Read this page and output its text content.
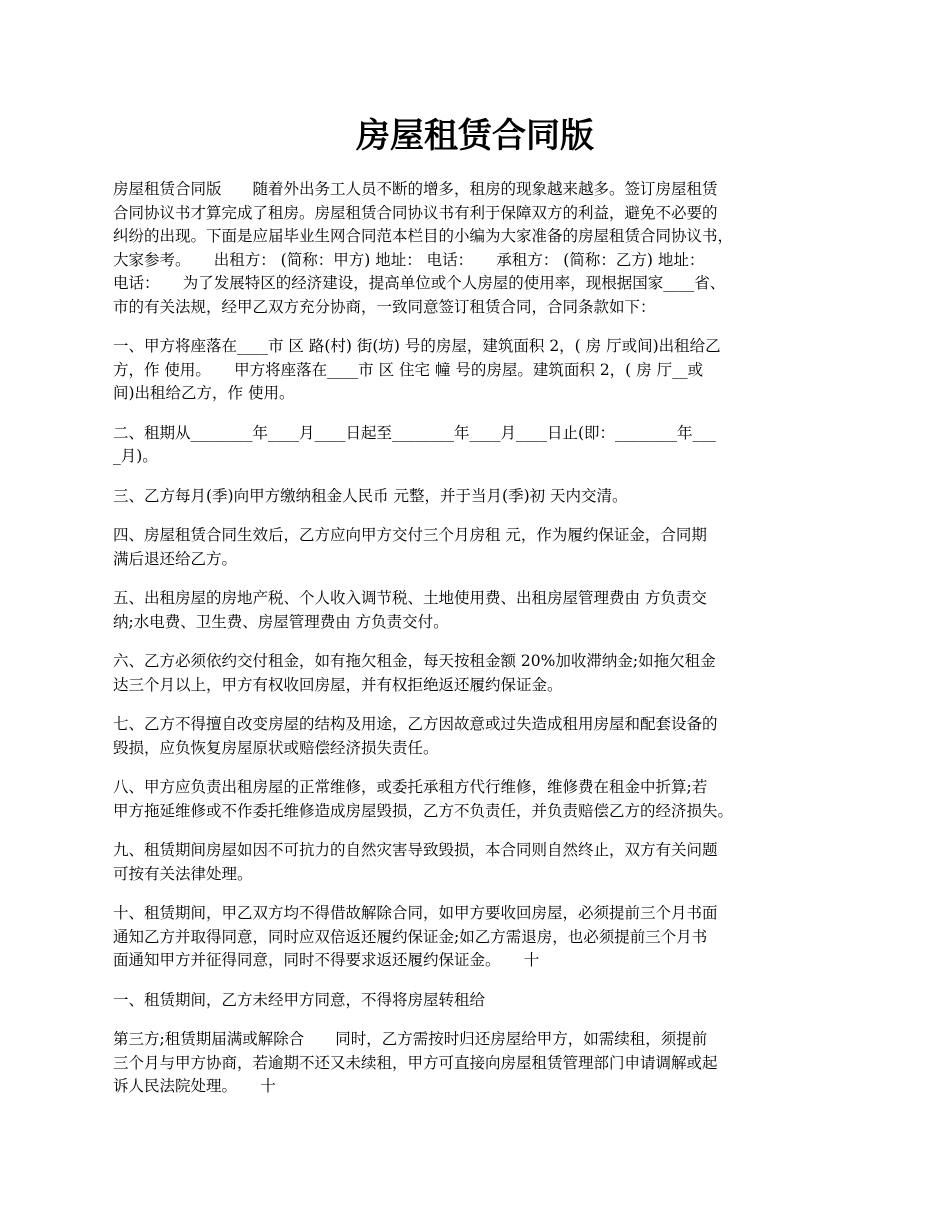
房屋租赁合同版

房屋租赁合同版　　随着外出务工人员不断的增多，租房的现象越来越多。签订房屋租赁
合同协议书才算完成了租房。房屋租赁合同协议书有利于保障双方的利益，避免不必要的
纠纷的出现。下面是应届毕业生网合同范本栏目的小编为大家准备的房屋租赁合同协议书，
大家参考。　　出租方： (简称：甲方) 地址： 电话：　　承租方： (简称：乙方) 地址：
电话：　　为了发展特区的经济建设，提高单位或个人房屋的使用率，现根据国家____省、
市的有关法规，经甲乙双方充分协商，一致同意签订租赁合同，合同条款如下：

一、甲方将座落在____市 区 路(村) 街(坊) 号的房屋，建筑面积 2，( 房 厅或间)出租给乙
方，作 使用。　　甲方将座落在____市 区 住宅 幢 号的房屋。建筑面积 2，( 房 厅__或
间)出租给乙方，作 使用。

二、租期从________年____月____日起至________年____月____日止(即：________年___
_月)。

三、乙方每月(季)向甲方缴纳租金人民币 元整，并于当月(季)初 天内交清。

四、房屋租赁合同生效后，乙方应向甲方交付三个月房租 元，作为履约保证金，合同期
满后退还给乙方。

五、出租房屋的房地产税、个人收入调节税、土地使用费、出租房屋管理费由 方负责交
纳;水电费、卫生费、房屋管理费由 方负责交付。

六、乙方必须依约交付租金，如有拖欠租金，每天按租金额 20%加收滞纳金;如拖欠租金
达三个月以上，甲方有权收回房屋，并有权拒绝返还履约保证金。

七、乙方不得擅自改变房屋的结构及用途，乙方因故意或过失造成租用房屋和配套设备的
毁损，应负恢复房屋原状或赔偿经济损失责任。

八、甲方应负责出租房屋的正常维修，或委托承租方代行维修，维修费在租金中折算;若
甲方拖延维修或不作委托维修造成房屋毁损，乙方不负责任，并负责赔偿乙方的经济损失。

九、租赁期间房屋如因不可抗力的自然灾害导致毁损，本合同则自然终止，双方有关问题
可按有关法律处理。

十、租赁期间，甲乙双方均不得借故解除合同，如甲方要收回房屋，必须提前三个月书面
通知乙方并取得同意，同时应双倍返还履约保证金;如乙方需退房，也必须提前三个月书
面通知甲方并征得同意，同时不得要求返还履约保证金。　　十

一、租赁期间，乙方未经甲方同意，不得将房屋转租给

第三方;租赁期届满或解除合　　同时，乙方需按时归还房屋给甲方，如需续租，须提前
三个月与甲方协商，若逾期不还又未续租，甲方可直接向房屋租赁管理部门申请调解或起
诉人民法院处理。　　十
